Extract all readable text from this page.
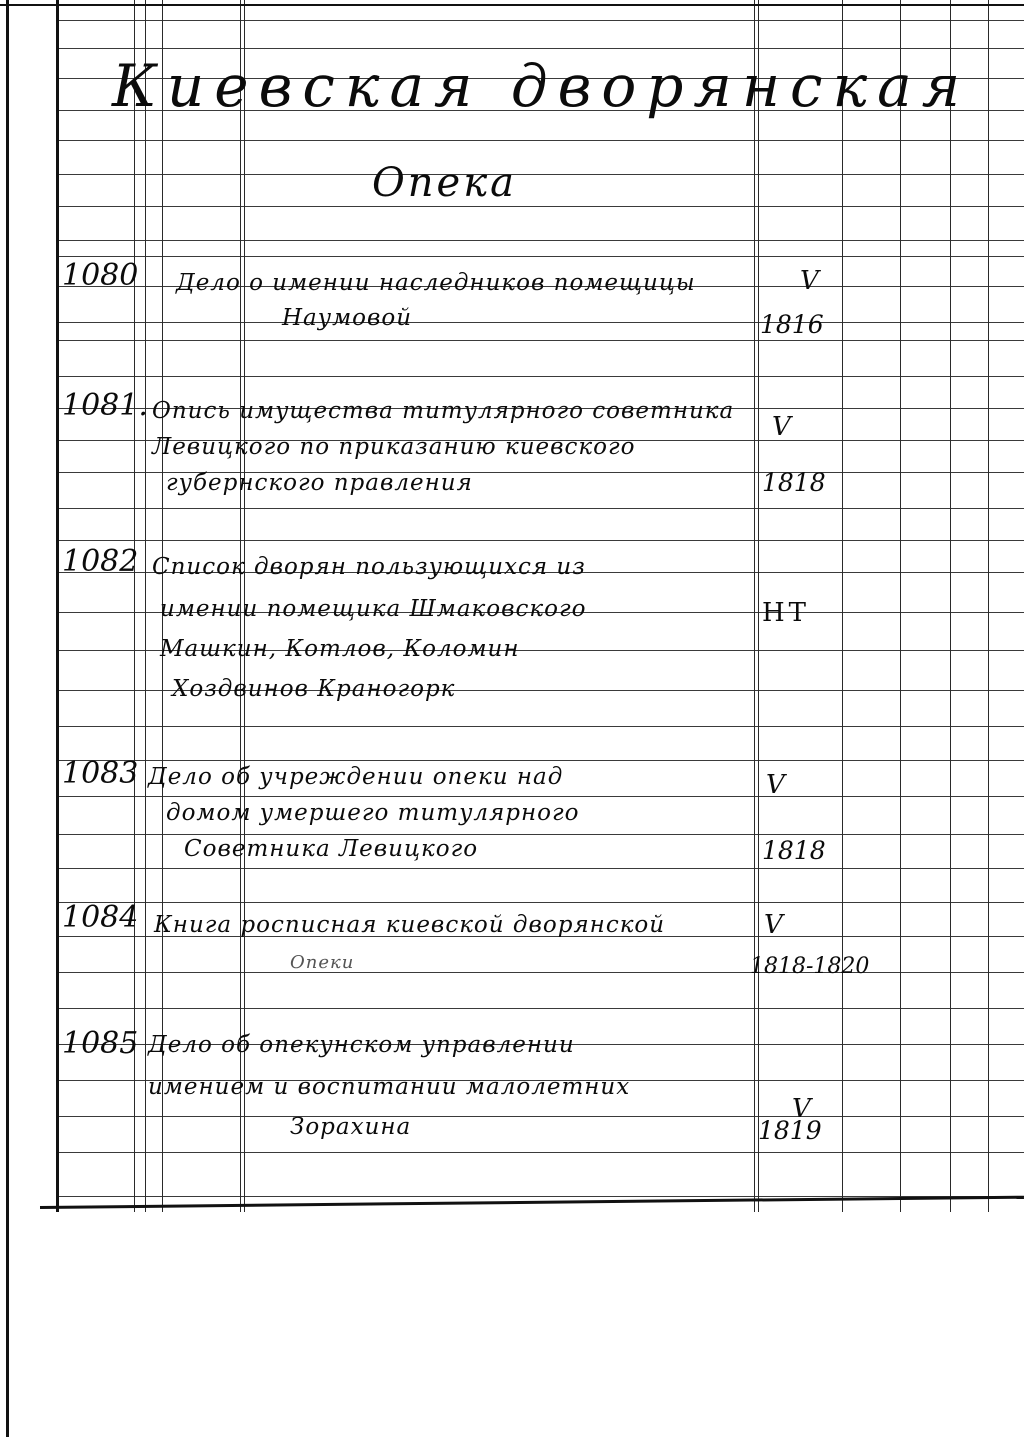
Киевская дворянская
Опека
1080 Дело о имении наследников помещицы
Наумовой
V
1816
1081. Опись имущества титулярного советника
Левицкого по приказанию киевского
губернского правления
V
1818
1082 Список дворян пользующихся из
имении помещика Шмаковского
Машкин, Котлов, Коломин
Хоздвинов Краногорк
НТ
1083 Дело об учреждении опеки над
домом умершего титулярного
Советника Левицкого
V
1818
1084 Книга росписная киевской дворянской
Опеки
V
1818-1820
1085 Дело об опекунском управлении
имением и воспитании малолетних
Зорахина
V
1819
